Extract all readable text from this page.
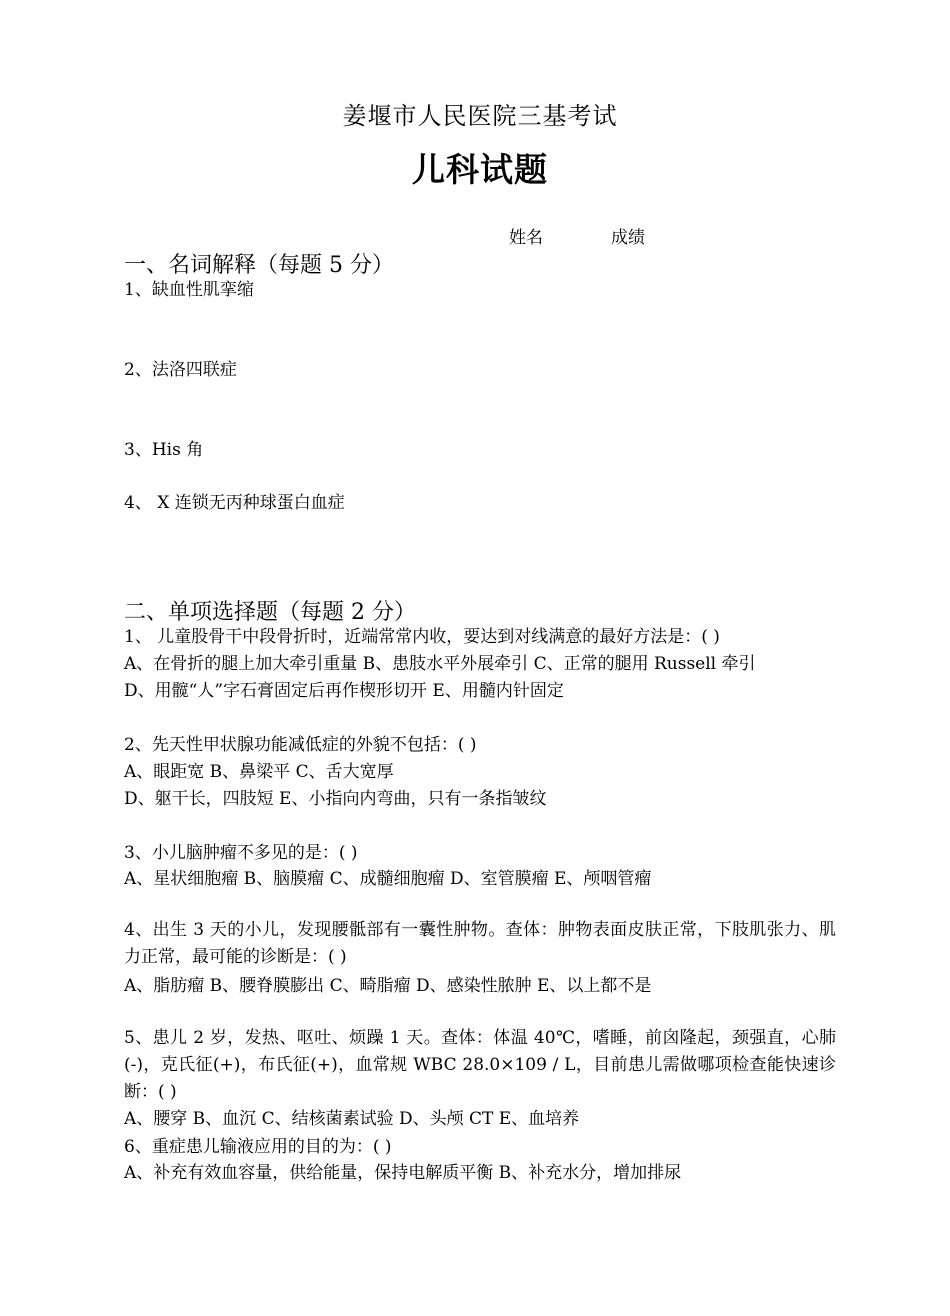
姜堰市人民医院三基考试
儿科试题
姓名	成绩
一、名词解释（每题 5 分）
1、缺血性肌挛缩
2、法洛四联症
3、His 角
4、 X 连锁无丙种球蛋白血症
二、单项选择题（每题 2 分）
1、 儿童股骨干中段骨折时，近端常常内收，要达到对线满意的最好方法是：( )
A、在骨折的腿上加大牵引重量 B、患肢水平外展牵引 C、正常的腿用 Russell 牵引
D、用髋“人”字石膏固定后再作楔形切开 E、用髓内针固定
2、先天性甲状腺功能减低症的外貌不包括：( )
A、眼距宽 B、鼻梁平 C、舌大宽厚
D、躯干长，四肢短 E、小指向内弯曲，只有一条指皱纹
3、小儿脑肿瘤不多见的是：( )
A、星状细胞瘤 B、脑膜瘤 C、成髓细胞瘤 D、室管膜瘤 E、颅咽管瘤
4、出生 3 天的小儿，发现腰骶部有一囊性肿物。查体：肿物表面皮肤正常，下肢肌张力、肌力正常，最可能的诊断是：( )
A、脂肪瘤 B、腰脊膜膨出 C、畸脂瘤 D、感染性脓肿 E、以上都不是
5、患儿 2 岁，发热、呕吐、烦躁 1 天。查体：体温 40℃，嗜睡，前囟隆起，颈强直，心肺(-)，克氏征(+)，布氏征(+)，血常规 WBC 28.0×109 / L，目前患儿需做哪项检查能快速诊断：( )
A、腰穿 B、血沉 C、结核菌素试验 D、头颅 CT E、血培养
6、重症患儿输液应用的目的为：( )
A、补充有效血容量，供给能量，保持电解质平衡 B、补充水分，增加排尿
